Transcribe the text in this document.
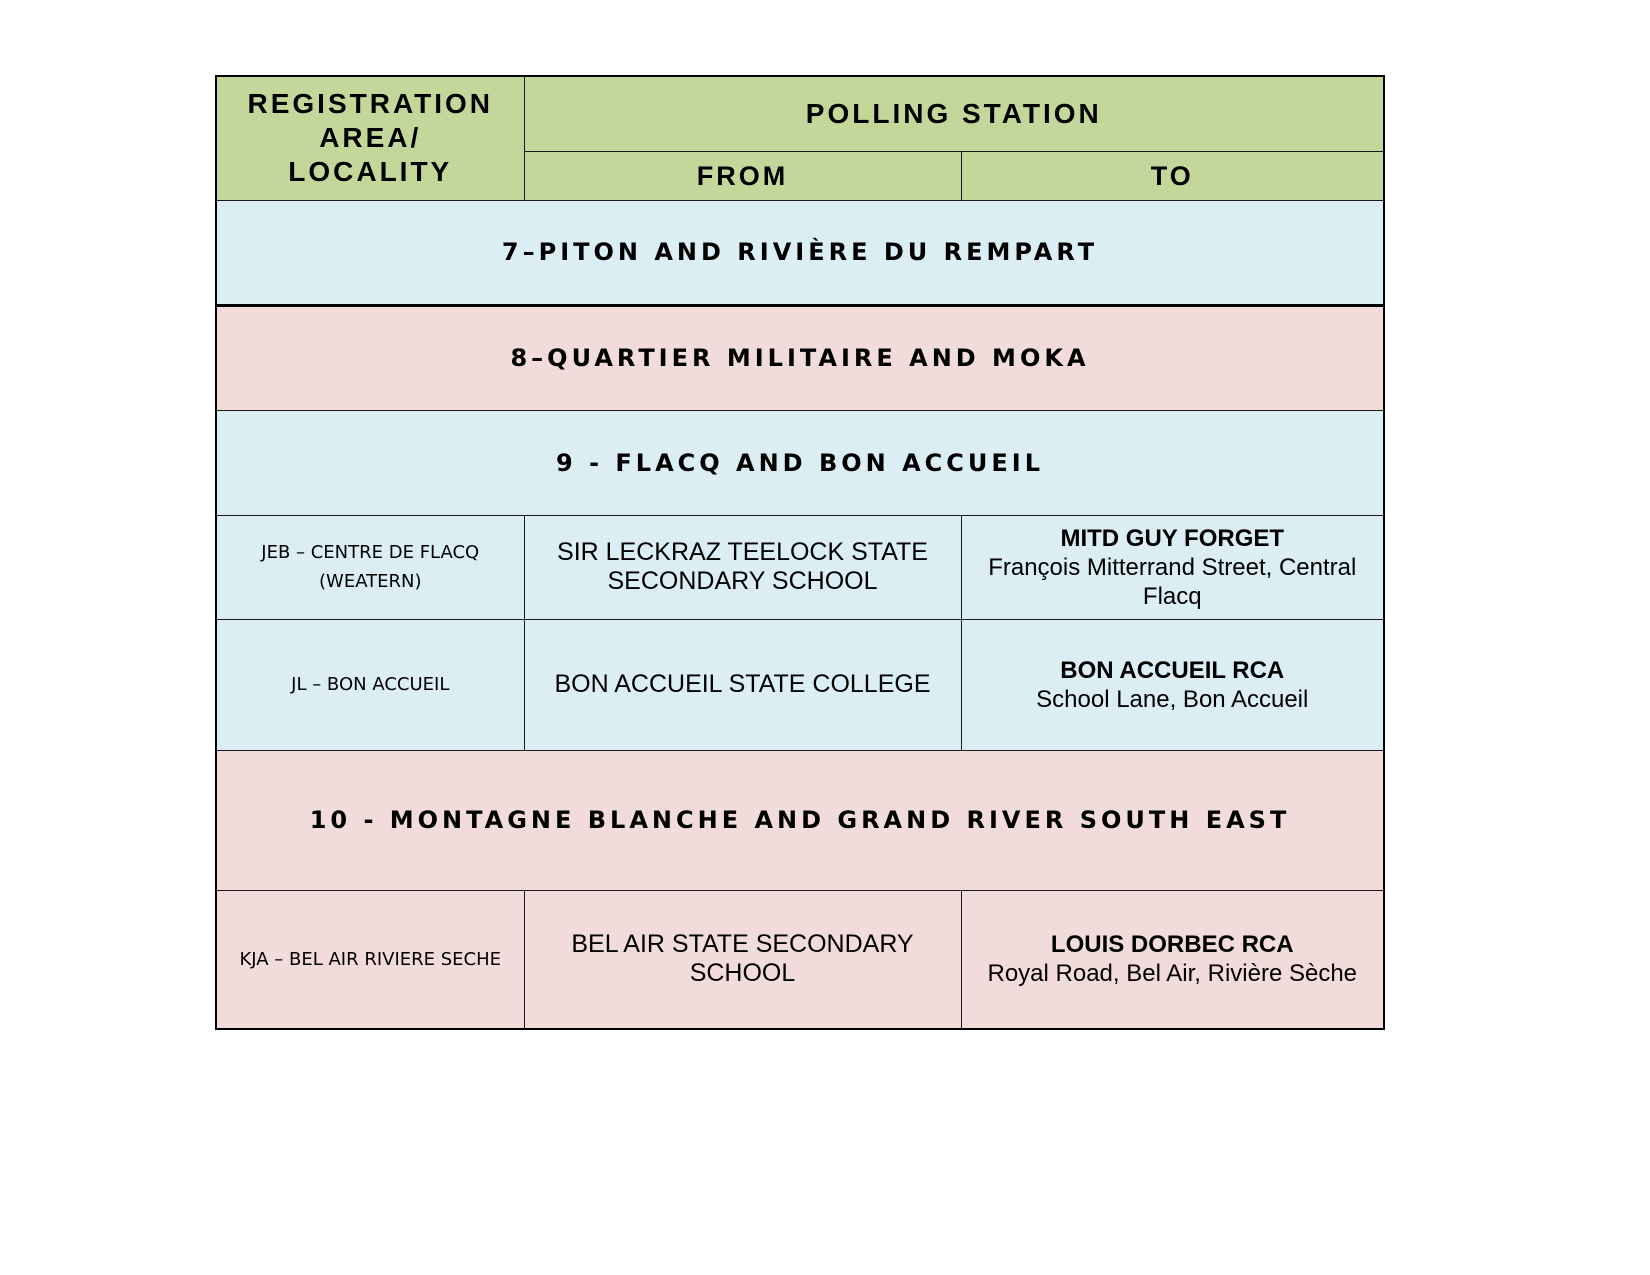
REGISTRATION AREA/ LOCALITY	POLLING STATION	
	FROM	TO
7–PITON AND RIVIÈRE DU REMPART		
8–QUARTIER MILITAIRE AND MOKA		
9 - FLACQ AND BON ACCUEIL		
JEB – CENTRE DE FLACQ (WEATERN)	SIR LECKRAZ TEELOCK STATE SECONDARY SCHOOL	MITD GUY FORGET
François Mitterrand Street, Central Flacq

JL – BON ACCUEIL	BON ACCUEIL STATE COLLEGE	BON ACCUEIL RCA
School Lane, Bon Accueil

10 - MONTAGNE BLANCHE AND GRAND RIVER SOUTH EAST		
KJA – BEL AIR RIVIERE SECHE	BEL AIR STATE SECONDARY SCHOOL	LOUIS DORBEC RCA
Royal Road, Bel Air, Rivière Sèche
